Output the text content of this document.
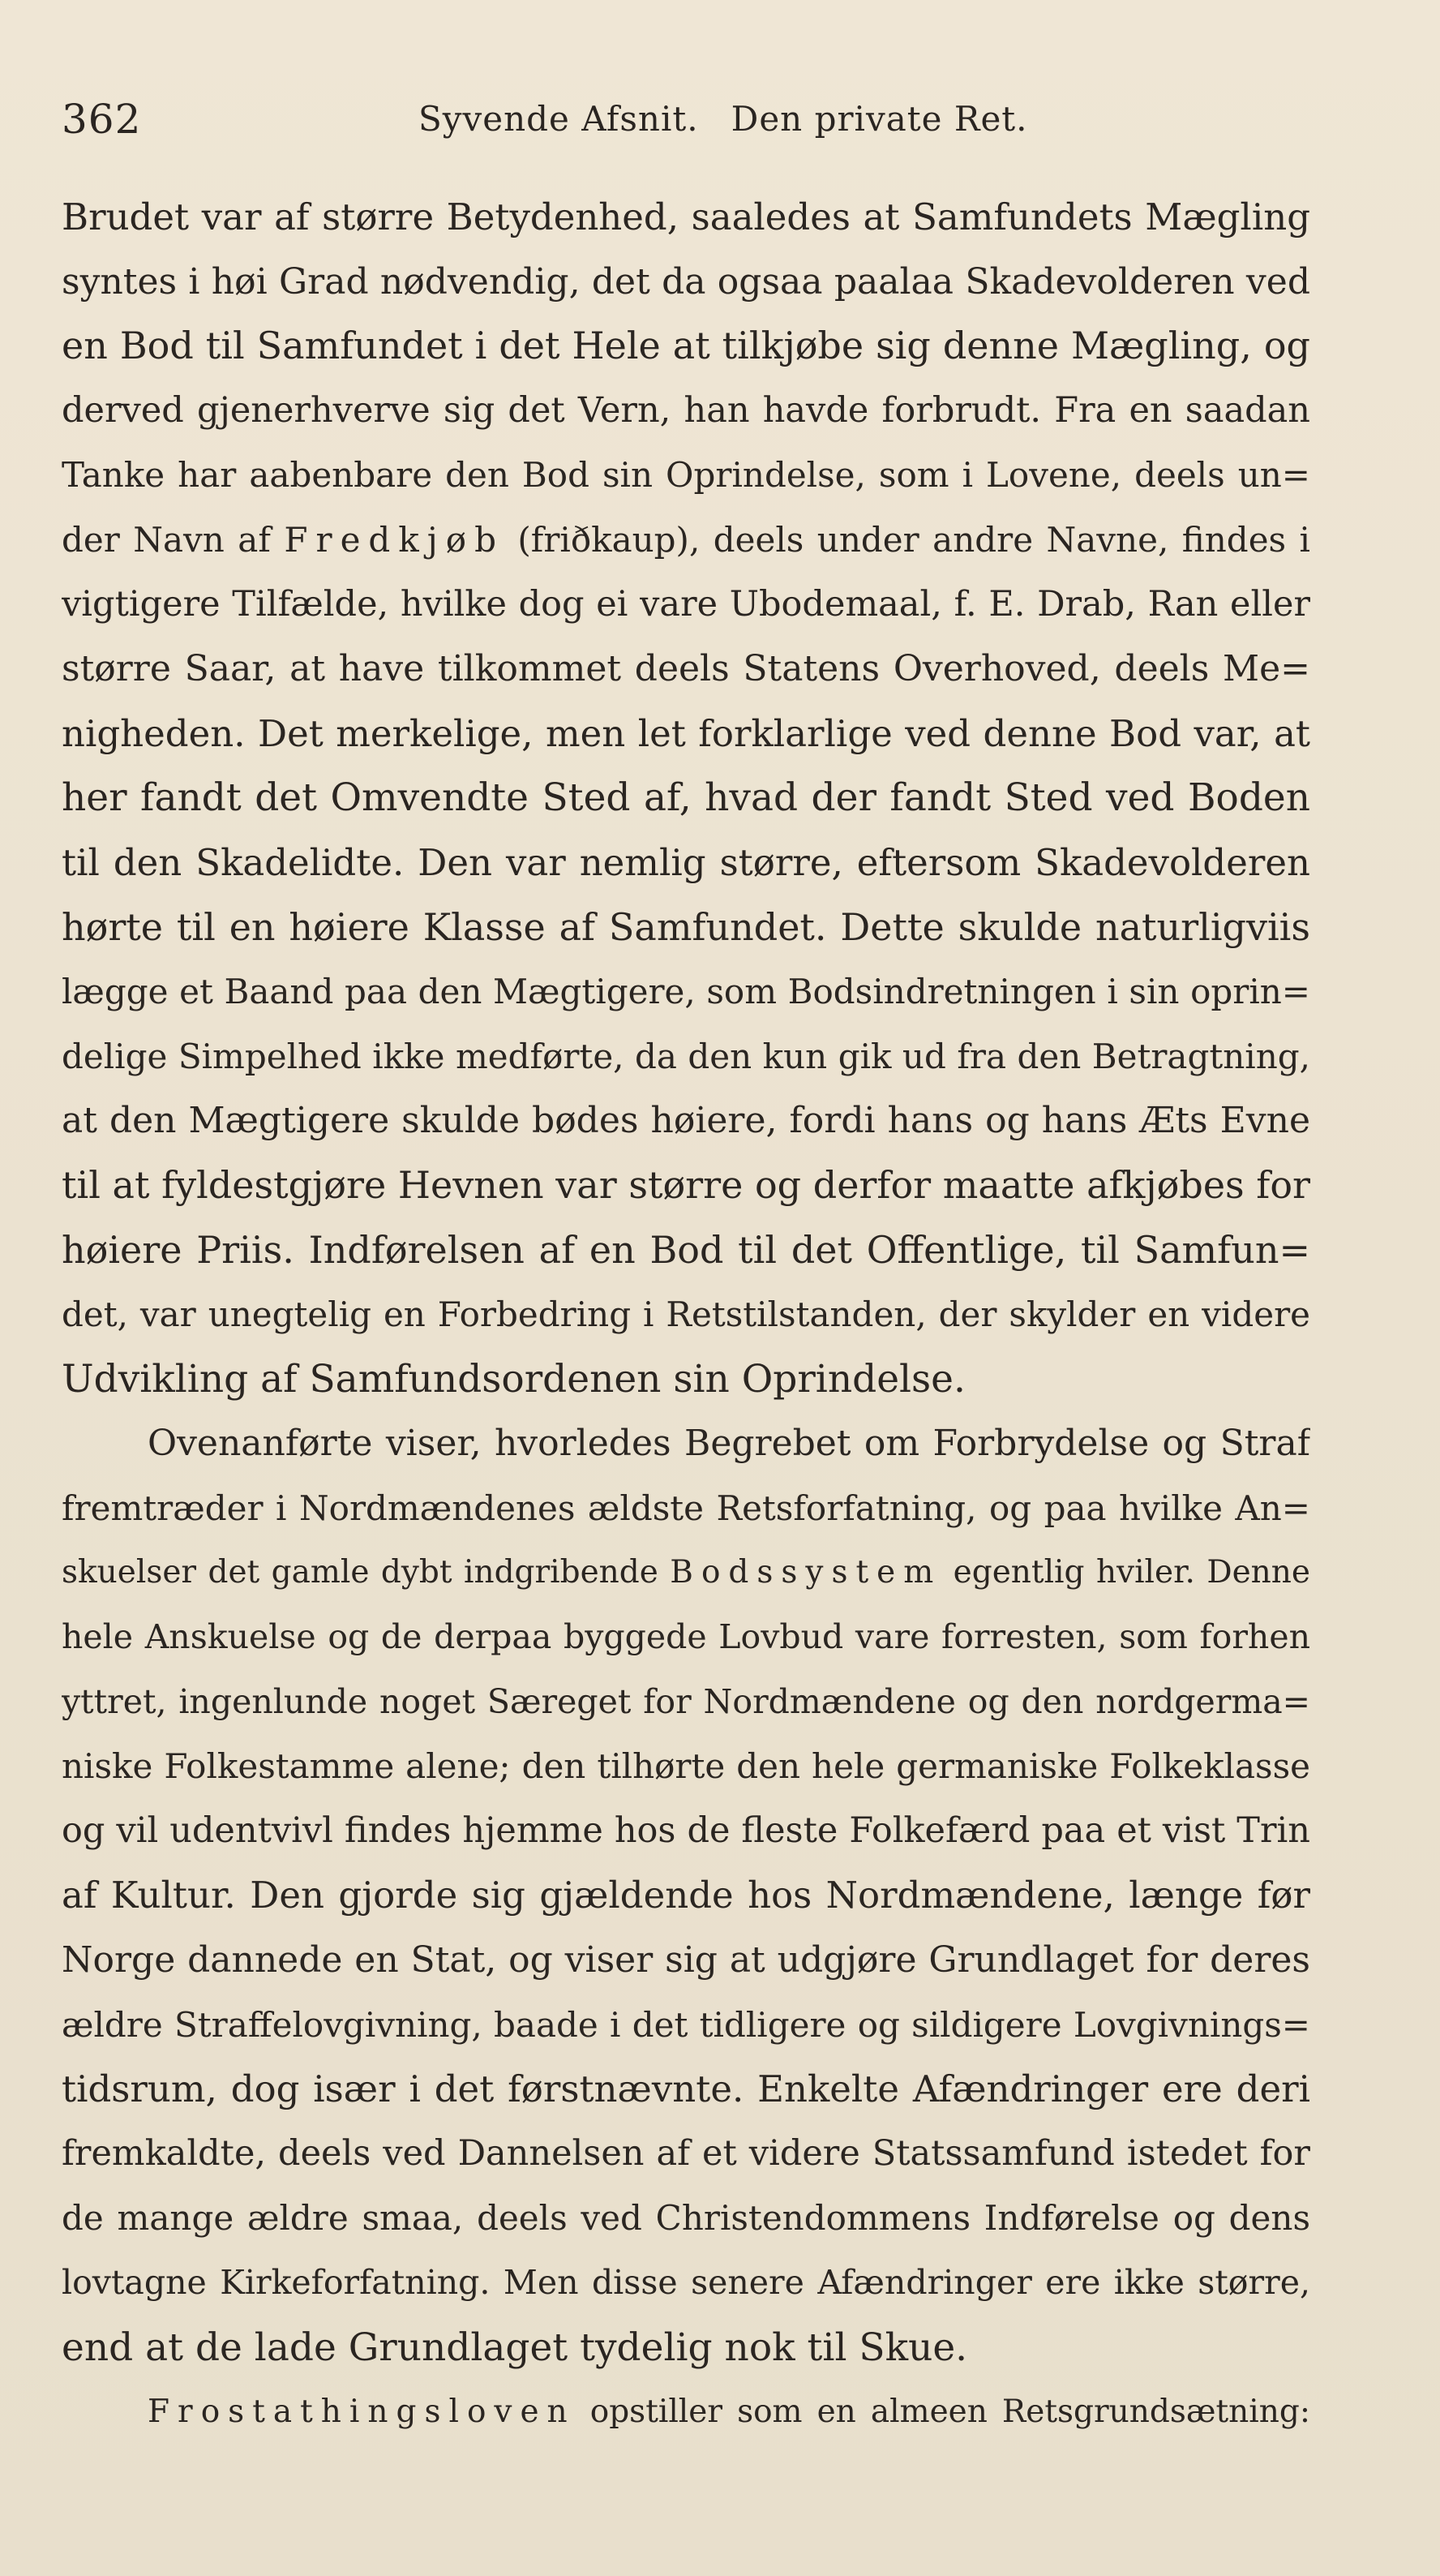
362	Syvende Afsnit. Den private Ret.
Brudet var af større Betydenhed, saaledes at Samfundets Mægling
syntes i høi Grad nødvendig, det da ogsaa paalaa Skadevolderen ved
en Bod til Samfundet i det Hele at tilkjøbe sig denne Mægling, og
derved gjenerhverve sig det Vern, han havde forbrudt. Fra en saadan
Tanke har aabenbare den Bod sin Oprindelse, som i Lovene, deels un=
der Navn af Fredkjøb (friðkaup), deels under andre Navne, findes i
vigtigere Tilfælde, hvilke dog ei vare Ubodemaal, f. E. Drab, Ran eller
større Saar, at have tilkommet deels Statens Overhoved, deels Me=
nigheden. Det merkelige, men let forklarlige ved denne Bod var, at
her fandt det Omvendte Sted af, hvad der fandt Sted ved Boden
til den Skadelidte. Den var nemlig større, eftersom Skadevolderen
hørte til en høiere Klasse af Samfundet. Dette skulde naturligviis
lægge et Baand paa den Mægtigere, som Bodsindretningen i sin oprin=
delige Simpelhed ikke medførte, da den kun gik ud fra den Betragtning,
at den Mægtigere skulde bødes høiere, fordi hans og hans Æts Evne
til at fyldestgjøre Hevnen var større og derfor maatte afkjøbes for
høiere Priis. Indførelsen af en Bod til det Offentlige, til Samfun=
det, var unegtelig en Forbedring i Retstilstanden, der skylder en videre
Udvikling af Samfundsordenen sin Oprindelse.
Ovenanførte viser, hvorledes Begrebet om Forbrydelse og Straf
fremtræder i Nordmændenes ældste Retsforfatning, og paa hvilke An=
skuelser det gamle dybt indgribende Bodssystem egentlig hviler. Denne
hele Anskuelse og de derpaa byggede Lovbud vare forresten, som forhen
yttret, ingenlunde noget Særeget for Nordmændene og den nordgerma=
niske Folkestamme alene; den tilhørte den hele germaniske Folkeklasse
og vil udentvivl findes hjemme hos de fleste Folkefærd paa et vist Trin
af Kultur. Den gjorde sig gjældende hos Nordmændene, længe før
Norge dannede en Stat, og viser sig at udgjøre Grundlaget for deres
ældre Straffelovgivning, baade i det tidligere og sildigere Lovgivnings=
tidsrum, dog især i det førstnævnte. Enkelte Afændringer ere deri
fremkaldte, deels ved Dannelsen af et videre Statssamfund istedet for
de mange ældre smaa, deels ved Christendommens Indførelse og dens
lovtagne Kirkeforfatning. Men disse senere Afændringer ere ikke større,
end at de lade Grundlaget tydelig nok til Skue.
Frostathingsloven opstiller som en almeen Retsgrundsætning:
